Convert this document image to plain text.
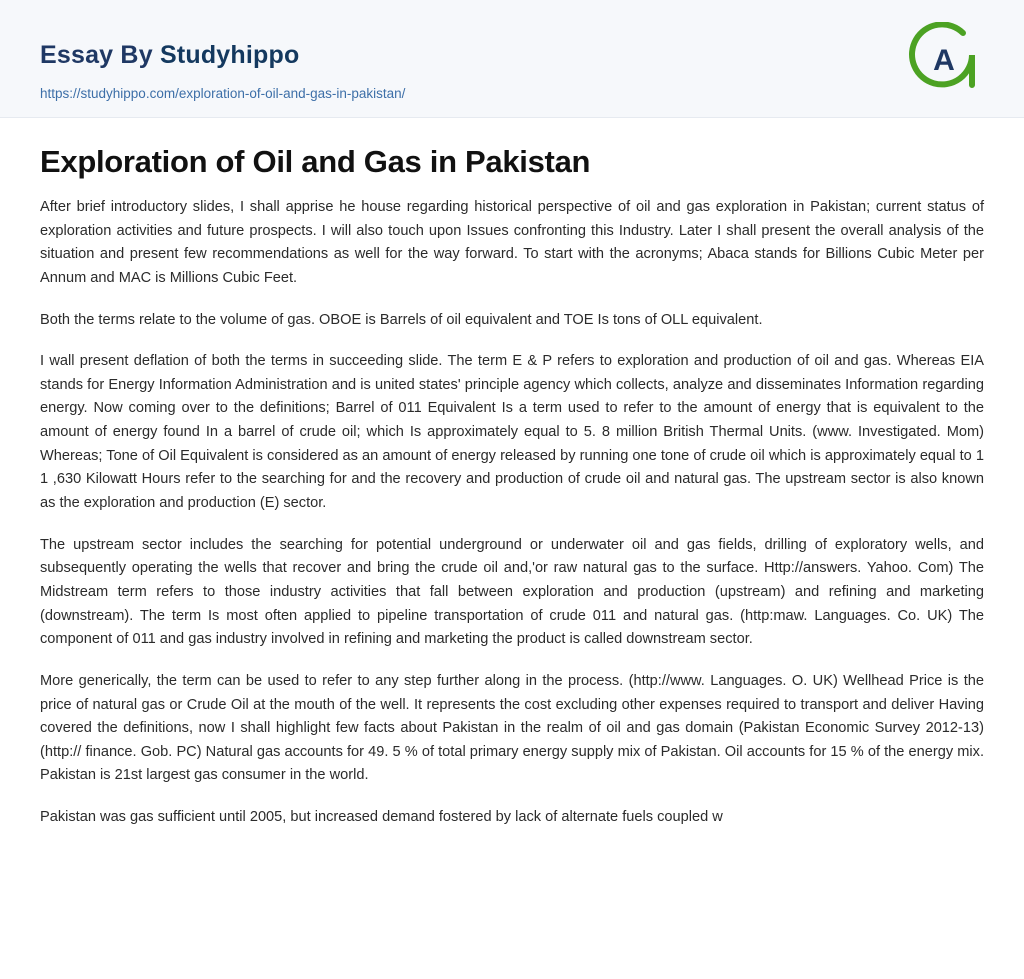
Essay By Studyhippo
https://studyhippo.com/exploration-of-oil-and-gas-in-pakistan/
A
Exploration of Oil and Gas in Pakistan

After brief introductory slides, I shall apprise he house regarding historical perspective of oil and gas exploration in Pakistan; current status of exploration activities and future prospects. I will also touch upon Issues confronting this Industry. Later I shall present the overall analysis of the situation and present few recommendations as well for the way forward. To start with the acronyms; Abaca stands for Billions Cubic Meter per Annum and MAC is Millions Cubic Feet.

Both the terms relate to the volume of gas. OBOE is Barrels of oil equivalent and TOE Is tons of OLL equivalent.

I wall present deflation of both the terms in succeeding slide. The term E & P refers to exploration and production of oil and gas. Whereas EIA stands for Energy Information Administration and is united states' principle agency which collects, analyze and disseminates Information regarding energy. Now coming over to the definitions; Barrel of 011 Equivalent Is a term used to refer to the amount of energy that is equivalent to the amount of energy found In a barrel of crude oil; which Is approximately equal to 5. 8 million British Thermal Units. (www. Investigated. Mom) Whereas; Tone of Oil Equivalent is considered as an amount of energy released by running one tone of crude oil which is approximately equal to 1 1 ,630 Kilowatt Hours refer to the searching for and the recovery and production of crude oil and natural gas. The upstream sector is also known as the exploration and production (E) sector.

The upstream sector includes the searching for potential underground or underwater oil and gas fields, drilling of exploratory wells, and subsequently operating the wells that recover and bring the crude oil and,'or raw natural gas to the surface. Http://answers. Yahoo. Com) The Midstream term refers to those industry activities that fall between exploration and production (upstream) and refining and marketing (downstream). The term Is most often applied to pipeline transportation of crude 011 and natural gas. (http:maw. Languages. Co. UK) The component of 011 and gas industry involved in refining and marketing the product is called downstream sector.

More generically, the term can be used to refer to any step further along in the process. (http://www. Languages. O. UK) Wellhead Price is the price of natural gas or Crude Oil at the mouth of the well. It represents the cost excluding other expenses required to transport and deliver Having covered the definitions, now I shall highlight few facts about Pakistan in the realm of oil and gas domain (Pakistan Economic Survey 2012-13) (http:// finance. Gob. PC) Natural gas accounts for 49. 5 % of total primary energy supply mix of Pakistan. Oil accounts for 15 % of the energy mix. Pakistan is 21st largest gas consumer in the world.

Pakistan was gas sufficient until 2005, but increased demand fostered by lack of alternate fuels coupled w
